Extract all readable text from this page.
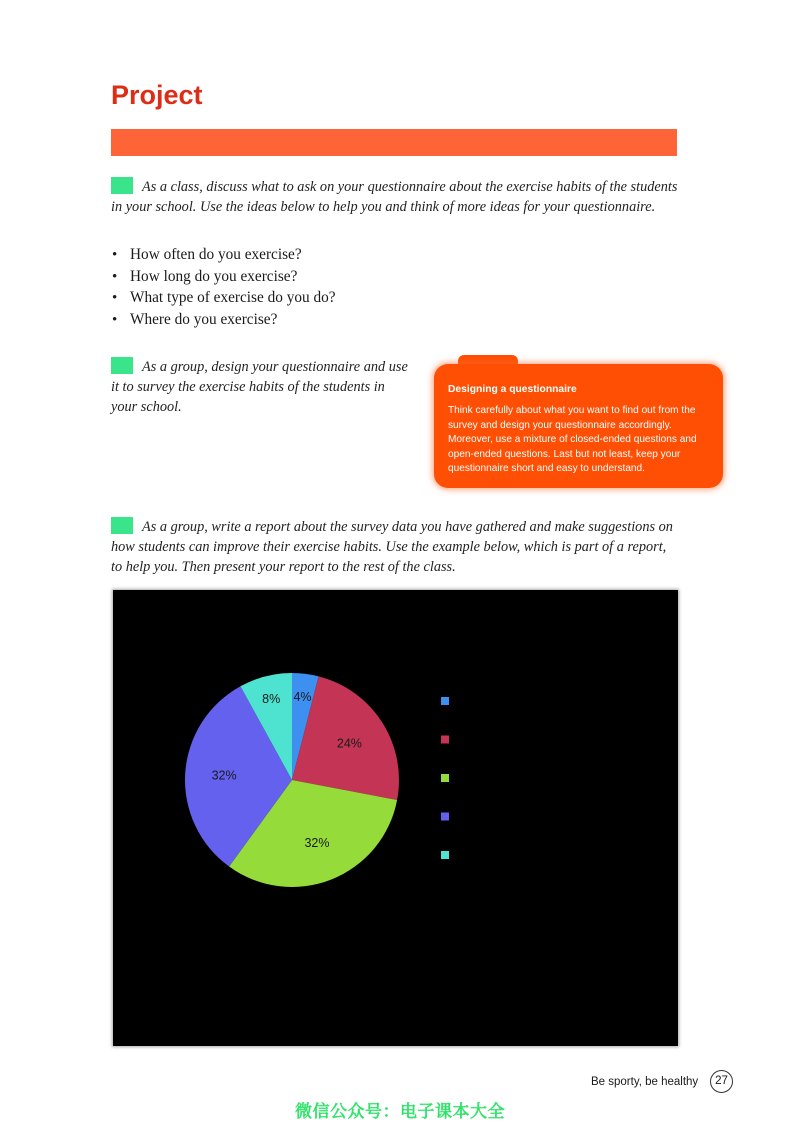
Project

As a class, discuss what to ask on your questionnaire about the exercise habits of the students in your school. Use the ideas below to help you and think of more ideas for your questionnaire.

• How often do you exercise?
• How long do you exercise?
• What type of exercise do you do?
• Where do you exercise?

As a group, design your questionnaire and use it to survey the exercise habits of the students in your school.

Designing a questionnaire

Think carefully about what you want to find out from the survey and design your questionnaire accordingly. Moreover, use a mixture of closed-ended questions and open-ended questions. Last but not least, keep your questionnaire short and easy to understand.

As a group, write a report about the survey data you have gathered and make suggestions on how students can improve their exercise habits. Use the example below, which is part of a report, to help you. Then present your report to the rest of the class.

4%
24%
32%
32%
8%

Be sporty, be healthy	27
微信公众号：电子课本大全
